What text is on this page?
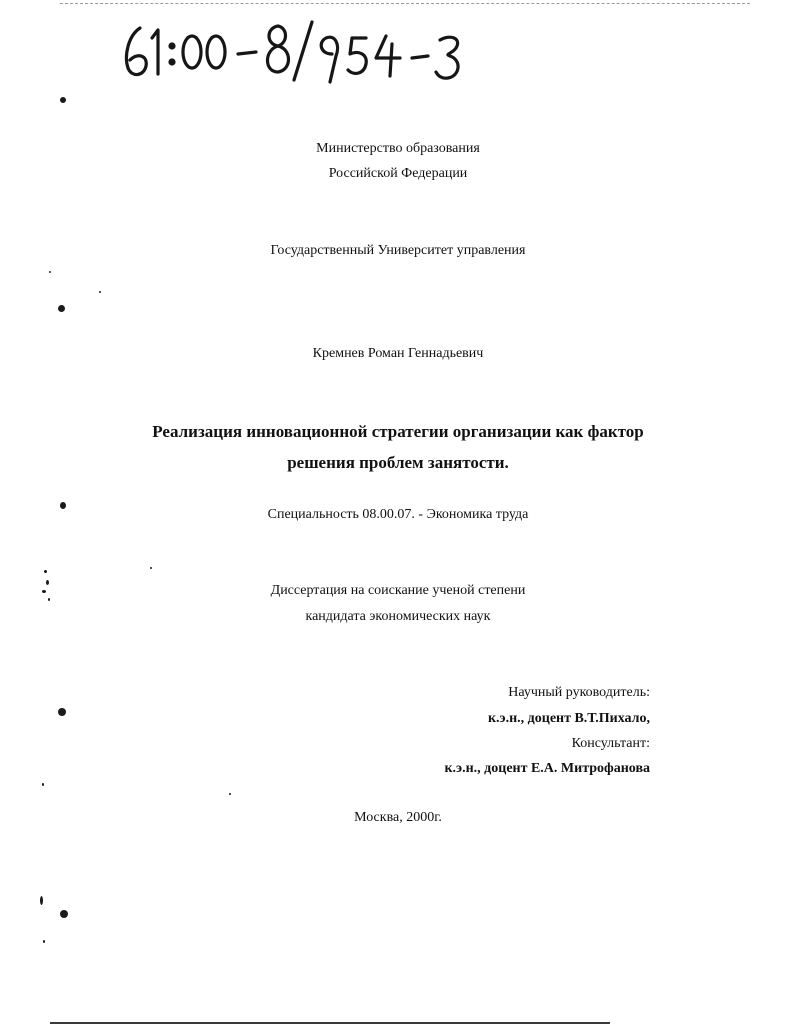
Министерство образования
Российской Федерации
Государственный Университет управления
Кремнев Роман Геннадьевич
Реализация инновационной стратегии организации как фактор
решения проблем занятости.
Специальность 08.00.07. - Экономика труда
Диссертация на соискание ученой степени
кандидата экономических наук
Научный руководитель:
к.э.н., доцент В.Т.Пихало,
Консультант:
к.э.н., доцент Е.А. Митрофанова
Москва, 2000г.
